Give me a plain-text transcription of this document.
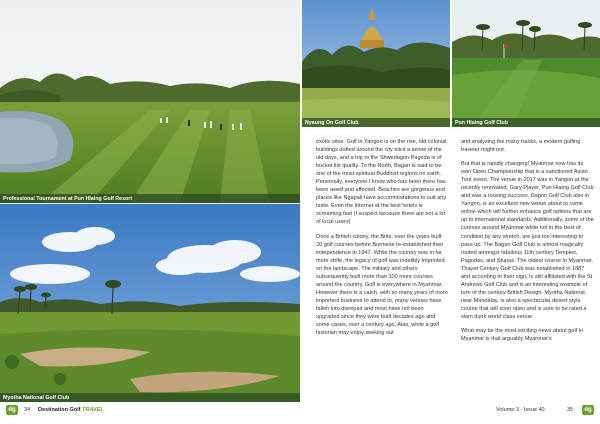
Professional Tournament at Pun Hlaing Golf Resort
Myotha National Golf Club
Nyaung Oo Golf Club	Pun Hlaing Golf Club

exotic sites. Golf in Yangon is on the rise, old colonial buildings dotted around the city elicit a sense of the old days, and a trip to the Shwedagon Pagoda is of bucket list quality. To the North, Bagan is said to be one of the most spiritual Buddhist regions on earth. Personally, everyone I know who has been there has been awed and affected. Beaches are gorgeous and places like Ngapali have accommodations to suit any taste. Even the Internet at the best hotels is screaming fast (I suspect because there are not a lot of local users)

Once a British colony, the Brits, over the years built 20 golf courses before Burmese re-established their independence in 1947. While the country was in far more strife, the legacy of golf was indelibly imprinted on the landscape. The military and others subsequently built more than 100 more courses around the country. Golf is everywhere in Myanmar. However there is a catch, with so many years of more important business to attend to, many venues have fallen into disrepair and most have not been upgraded since they were built decades ago and some cases, over a century ago. Alas, while a golf historian may enjoy seeking out

and analyzing the many tracks, a modern golfing traveler might not.

But that is rapidly changing! Myanmar now has its own Open Championship that is a sanctioned Asian Tour event. The venue in 2017 was in Yangon at the recently renovated, Gary Player, Pun Hlaing Golf Club and was a rousing success. Dagon Golf Club also in Yangon, is an excellent new venue about to come online which will further enhance golf options that are up to international standards. Additionally, some of the courses around Myanmar while not in the best of condition by any stretch, are just too interesting to pass up. The Bagan Golf Club is almost magically routed amongst fabulous 11th century Temples, Pagodas, and Stupas. The oldest course in Myanmar, Thayet Century Golf Club was established in 1887 and according to their sign, is still affiliated with the St Andrews Golf Club and is an interesting example of turn of the century British Design. Myotha National, near Mandalay, is also a spectacular desert style course that will soon open and is sure to be rated a slam dunk world class venue.

What may be the most exciting news about golf in Myanmar is that arguably Myanmar's

dg	34 Destination Golf.TRAVEL	Volume 3 - Issue 40	35	dg
